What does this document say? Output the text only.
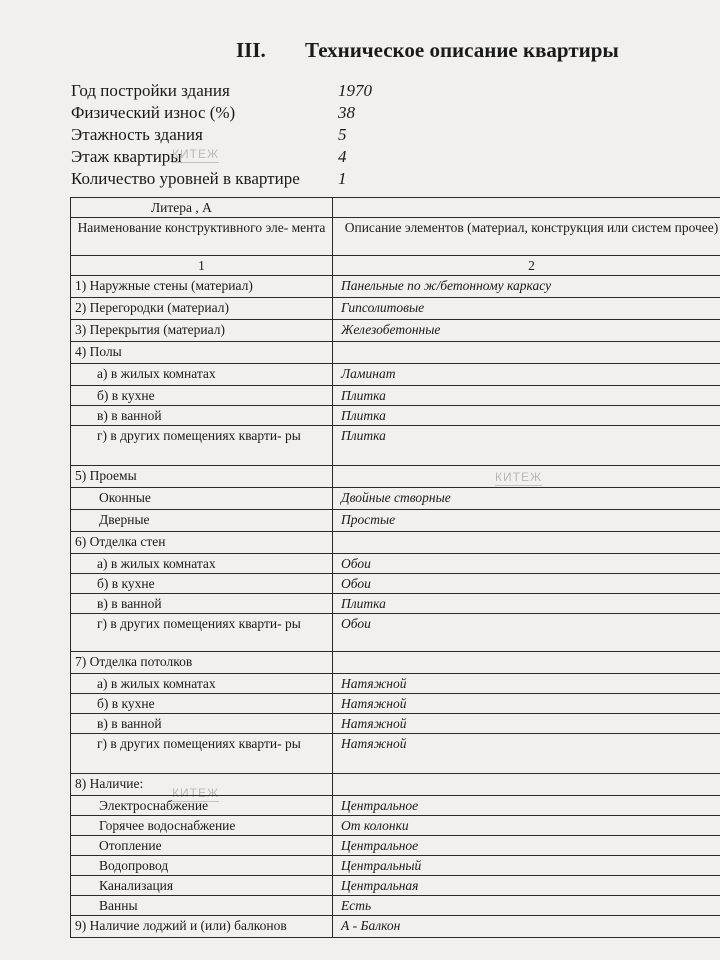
III. Техническое описание квартиры
Год постройки здания	1970
Физический износ (%)	38
Этажность здания	5
Этаж квартиры	4
Количество уровней в квартире 1
КИТЕЖ
КИТЕЖ
КИТЕЖ
Литера , А	
Наименование конструктивного эле- мента	Описание элементов (материал, конструкция или систем прочее)
1	2
1) Наружные стены (материал)	Панельные по ж/бетонному каркасу
2) Перегородки (материал)	Гипсолитовые
3) Перекрытия (материал)	Железобетонные
4) Полы	
а) в жилых комнатах	Ламинат
б) в кухне	Плитка
в) в ванной	Плитка
г) в других помещениях кварти- ры	Плитка
5) Проемы	
Оконные	Двойные створные
Дверные	Простые
6) Отделка стен	
а) в жилых комнатах	Обои
б) в кухне	Обои
в) в ванной	Плитка
г) в других помещениях кварти- ры	Обои
7) Отделка потолков	
а) в жилых комнатах	Натяжной
б) в кухне	Натяжной
в) в ванной	Натяжной
г) в других помещениях кварти- ры	Натяжной
8) Наличие:	
Электроснабжение	Центральное
Горячее водоснабжение	От колонки
Отопление	Центральное
Водопровод	Центральный
Канализация	Центральная
Ванны	Есть
9) Наличие лоджий и (или) балконов	А - Балкон
